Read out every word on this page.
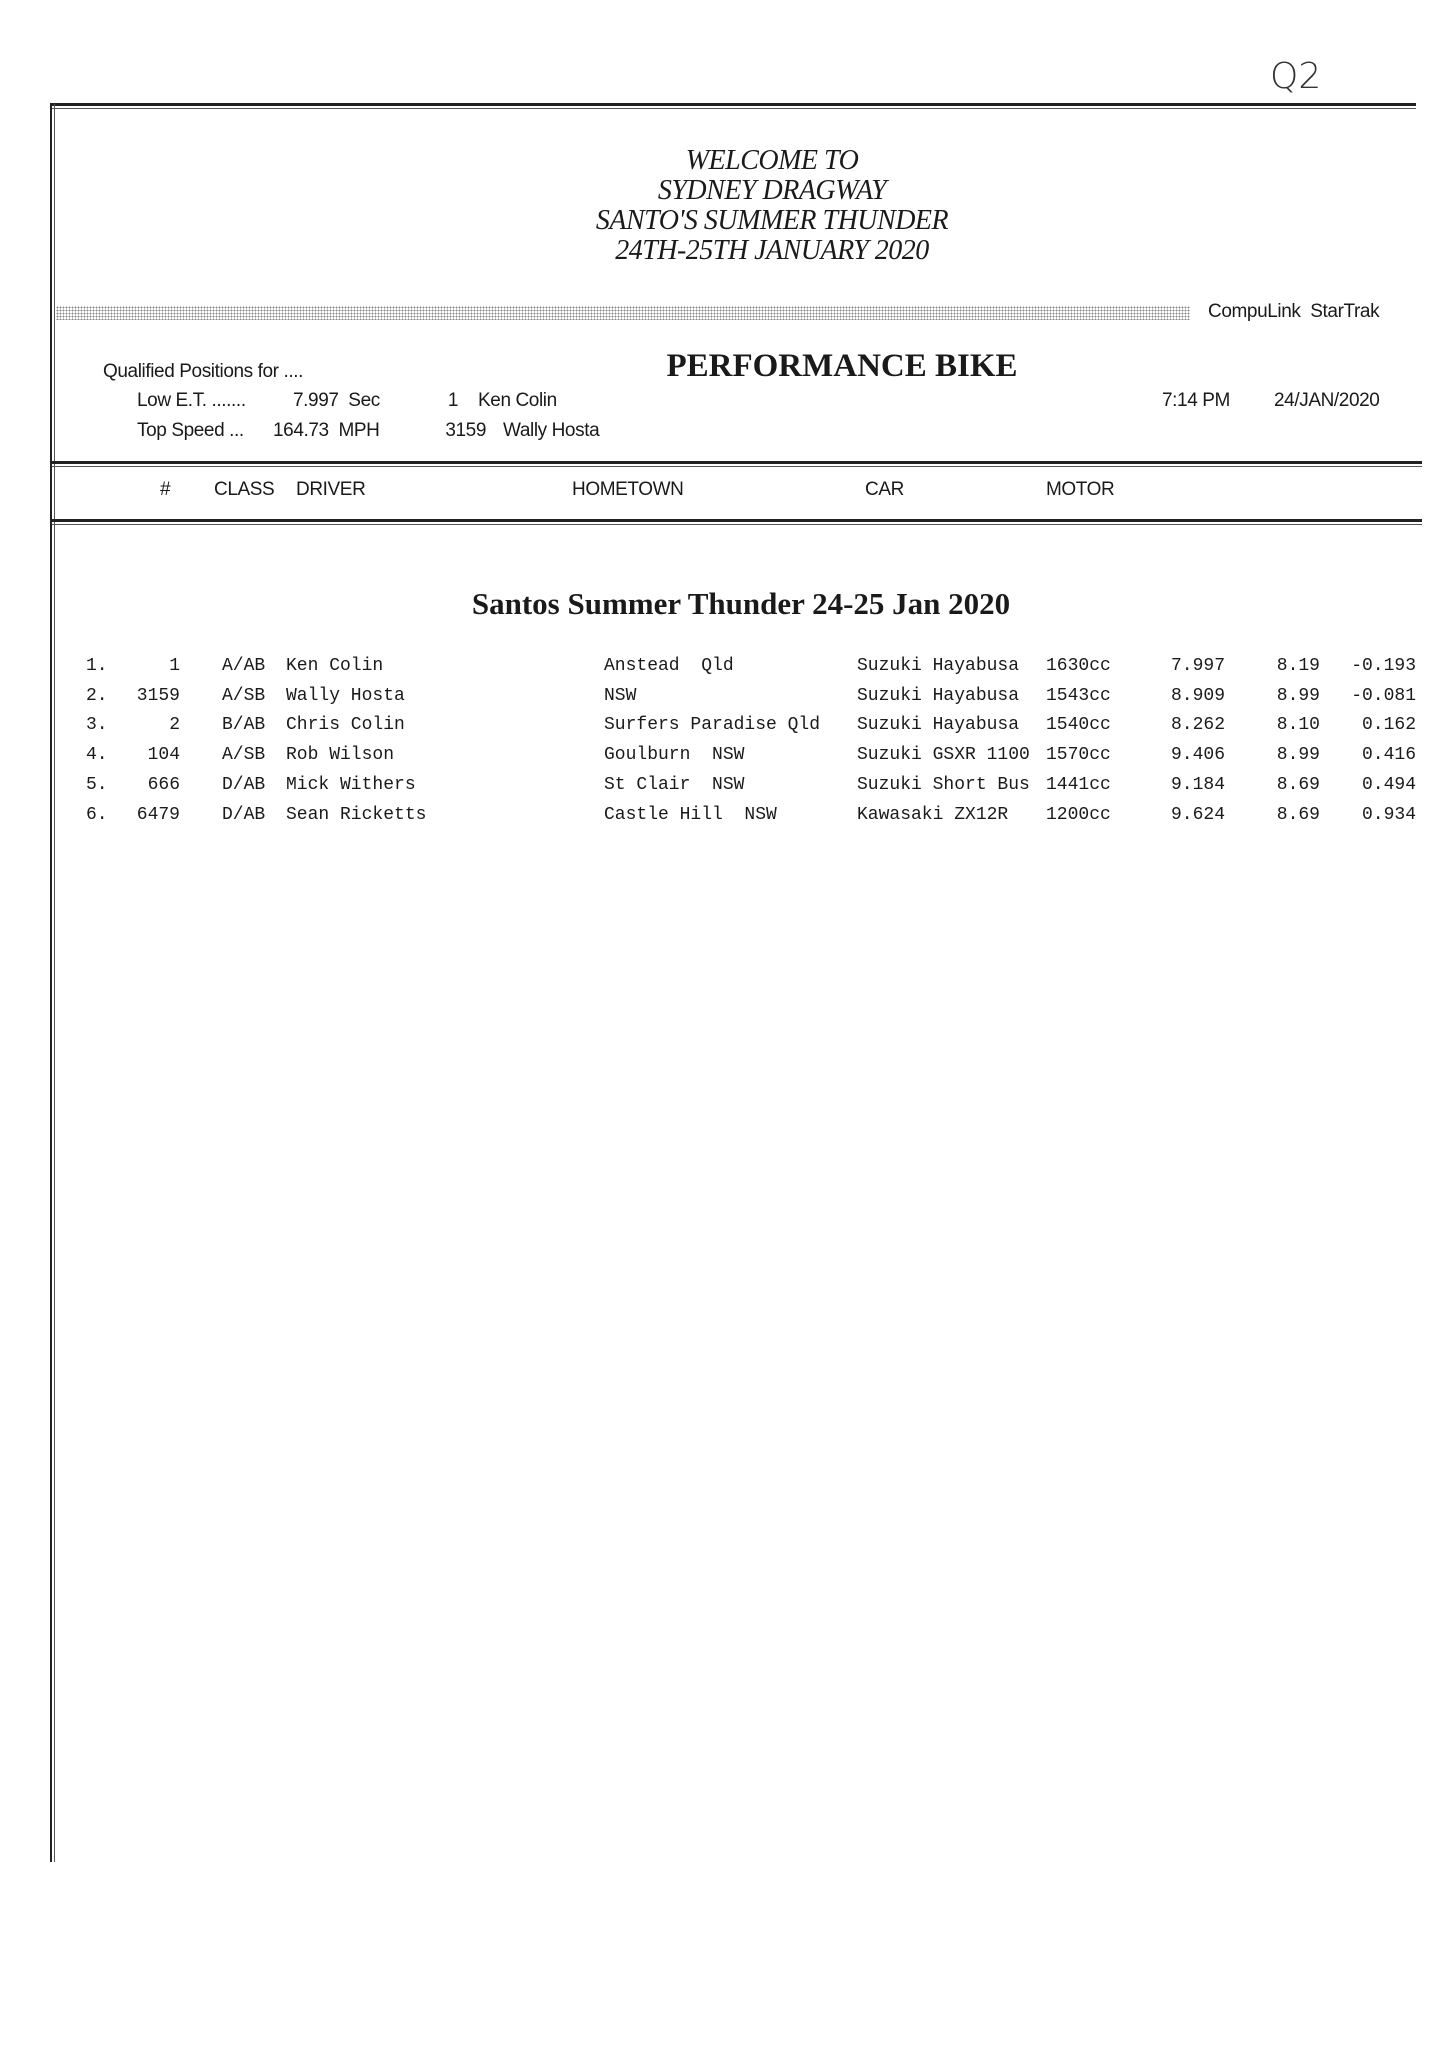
Q2
WELCOME TO
SYDNEY DRAGWAY
SANTO'S SUMMER THUNDER
24TH-25TH JANUARY 2020
CompuLink  StarTrak
Qualified Positions for ....	PERFORMANCE BIKE
Low E.T. ....... 7.997  Sec	1 Ken Colin
Top Speed ... 164.73  MPH	3159 Wally Hosta
7:14 PM 24/JAN/2020
# CLASS DRIVER	HOMETOWN	CAR	MOTOR
Santos Summer Thunder 24-25 Jan 2020
1.	1 A/AB	Ken Colin	Anstead  Qld	Suzuki Hayabusa	1630cc	7.997	8.19	-0.193
2.	3159 A/SB	Wally Hosta	NSW	Suzuki Hayabusa	1543cc	8.909	8.99	-0.081
3.	2 B/AB	Chris Colin	Surfers Paradise Qld	Suzuki Hayabusa	1540cc	8.262	8.10	0.162
4.	104 A/SB	Rob Wilson	Goulburn  NSW	Suzuki GSXR 1100 1570cc	9.406	8.99	0.416
5.	666 D/AB	Mick Withers	St Clair  NSW	Suzuki Short Bus 1441cc	9.184	8.69	0.494
6.	6479 D/AB	Sean Ricketts	Castle Hill  NSW	Kawasaki ZX12R	1200cc	9.624	8.69	0.934
